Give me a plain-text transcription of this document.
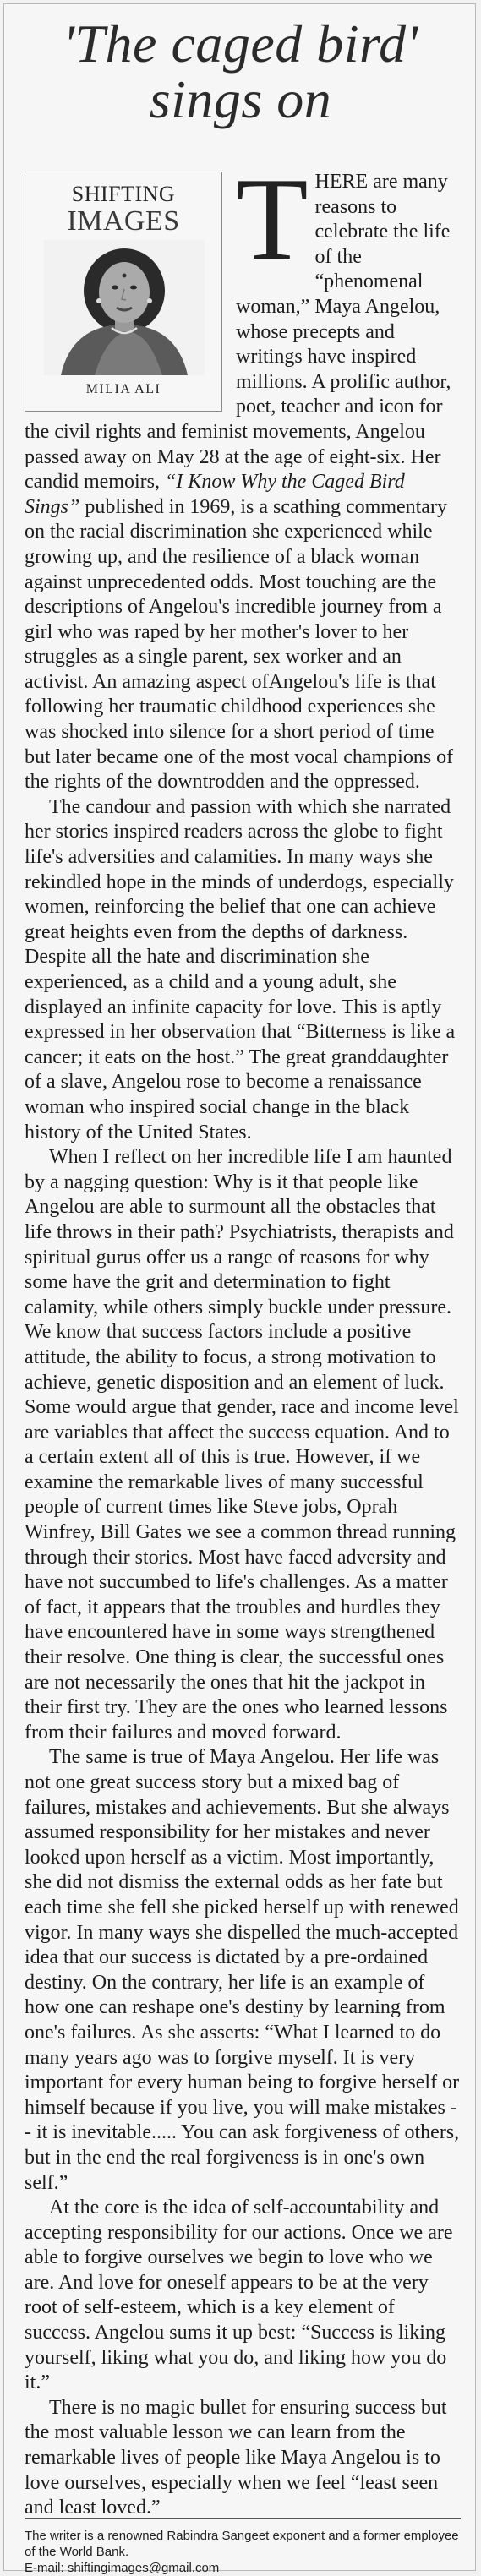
'The caged bird' sings on
SHIFTING
IMAGES
MILIA ALI

THERE are many reasons to celebrate the life of the “phenomenal woman,” Maya Angelou, whose precepts and writings have inspired millions. A prolific author, poet, teacher and icon for the civil rights and feminist movements, Angelou passed away on May 28 at the age of eight-six. Her candid memoirs, “I Know Why the Caged Bird Sings” published in 1969, is a scathing commentary on the racial discrimination she experienced while growing up, and the resilience of a black woman against unprecedented odds. Most touching are the descriptions of Angelou's incredible journey from a girl who was raped by her mother's lover to her struggles as a single parent, sex worker and an activist. An amazing aspect ofAngelou's life is that following her traumatic childhood experiences she was shocked into silence for a short period of time but later became one of the most vocal champions of the rights of the downtrodden and the oppressed.

The candour and passion with which she narrated her stories inspired readers across the globe to fight life's adversities and calamities. In many ways she rekindled hope in the minds of underdogs, especially women, reinforcing the belief that one can achieve great heights even from the depths of darkness. Despite all the hate and discrimination she experienced, as a child and a young adult, she displayed an infinite capacity for love. This is aptly expressed in her observation that “Bitterness is like a cancer; it eats on the host.” The great granddaughter of a slave, Angelou rose to become a renaissance woman who inspired social change in the black history of the United States.

When I reflect on her incredible life I am haunted by a nagging question: Why is it that people like Angelou are able to surmount all the obstacles that life throws in their path? Psychiatrists, therapists and spiritual gurus offer us a range of reasons for why some have the grit and determination to fight calamity, while others simply buckle under pressure. We know that success factors include a positive attitude, the ability to focus, a strong motivation to achieve, genetic disposition and an element of luck. Some would argue that gender, race and income level are variables that affect the success equation. And to a certain extent all of this is true. However, if we examine the remarkable lives of many successful people of current times like Steve jobs, Oprah Winfrey, Bill Gates we see a common thread running through their stories. Most have faced adversity and have not succumbed to life's challenges. As a matter of fact, it appears that the troubles and hurdles they have encountered have in some ways strengthened their resolve. One thing is clear, the successful ones are not necessarily the ones that hit the jackpot in their first try. They are the ones who learned lessons from their failures and moved forward.

The same is true of Maya Angelou. Her life was not one great success story but a mixed bag of failures, mistakes and achievements. But she always assumed responsibility for her mistakes and never looked upon herself as a victim. Most importantly, she did not dismiss the external odds as her fate but each time she fell she picked herself up with renewed vigor. In many ways she dispelled the much-accepted idea that our success is dictated by a pre-ordained destiny. On the contrary, her life is an example of how one can reshape one's destiny by learning from one's failures. As she asserts: “What I learned to do many years ago was to forgive myself. It is very important for every human being to forgive herself or himself because if you live, you will make mistakes -- it is inevitable..... You can ask forgiveness of others, but in the end the real forgiveness is in one's own self.”

At the core is the idea of self-accountability and accepting responsibility for our actions. Once we are able to forgive ourselves we begin to love who we are. And love for oneself appears to be at the very root of self-esteem, which is a key element of success. Angelou sums it up best: “Success is liking yourself, liking what you do, and liking how you do it.”

There is no magic bullet for ensuring success but the most valuable lesson we can learn from the remarkable lives of people like Maya Angelou is to love ourselves, especially when we feel “least seen and least loved.”

The writer is a renowned Rabindra Sangeet exponent and a former employee of the World Bank.
E-mail: shiftingimages@gmail.com
